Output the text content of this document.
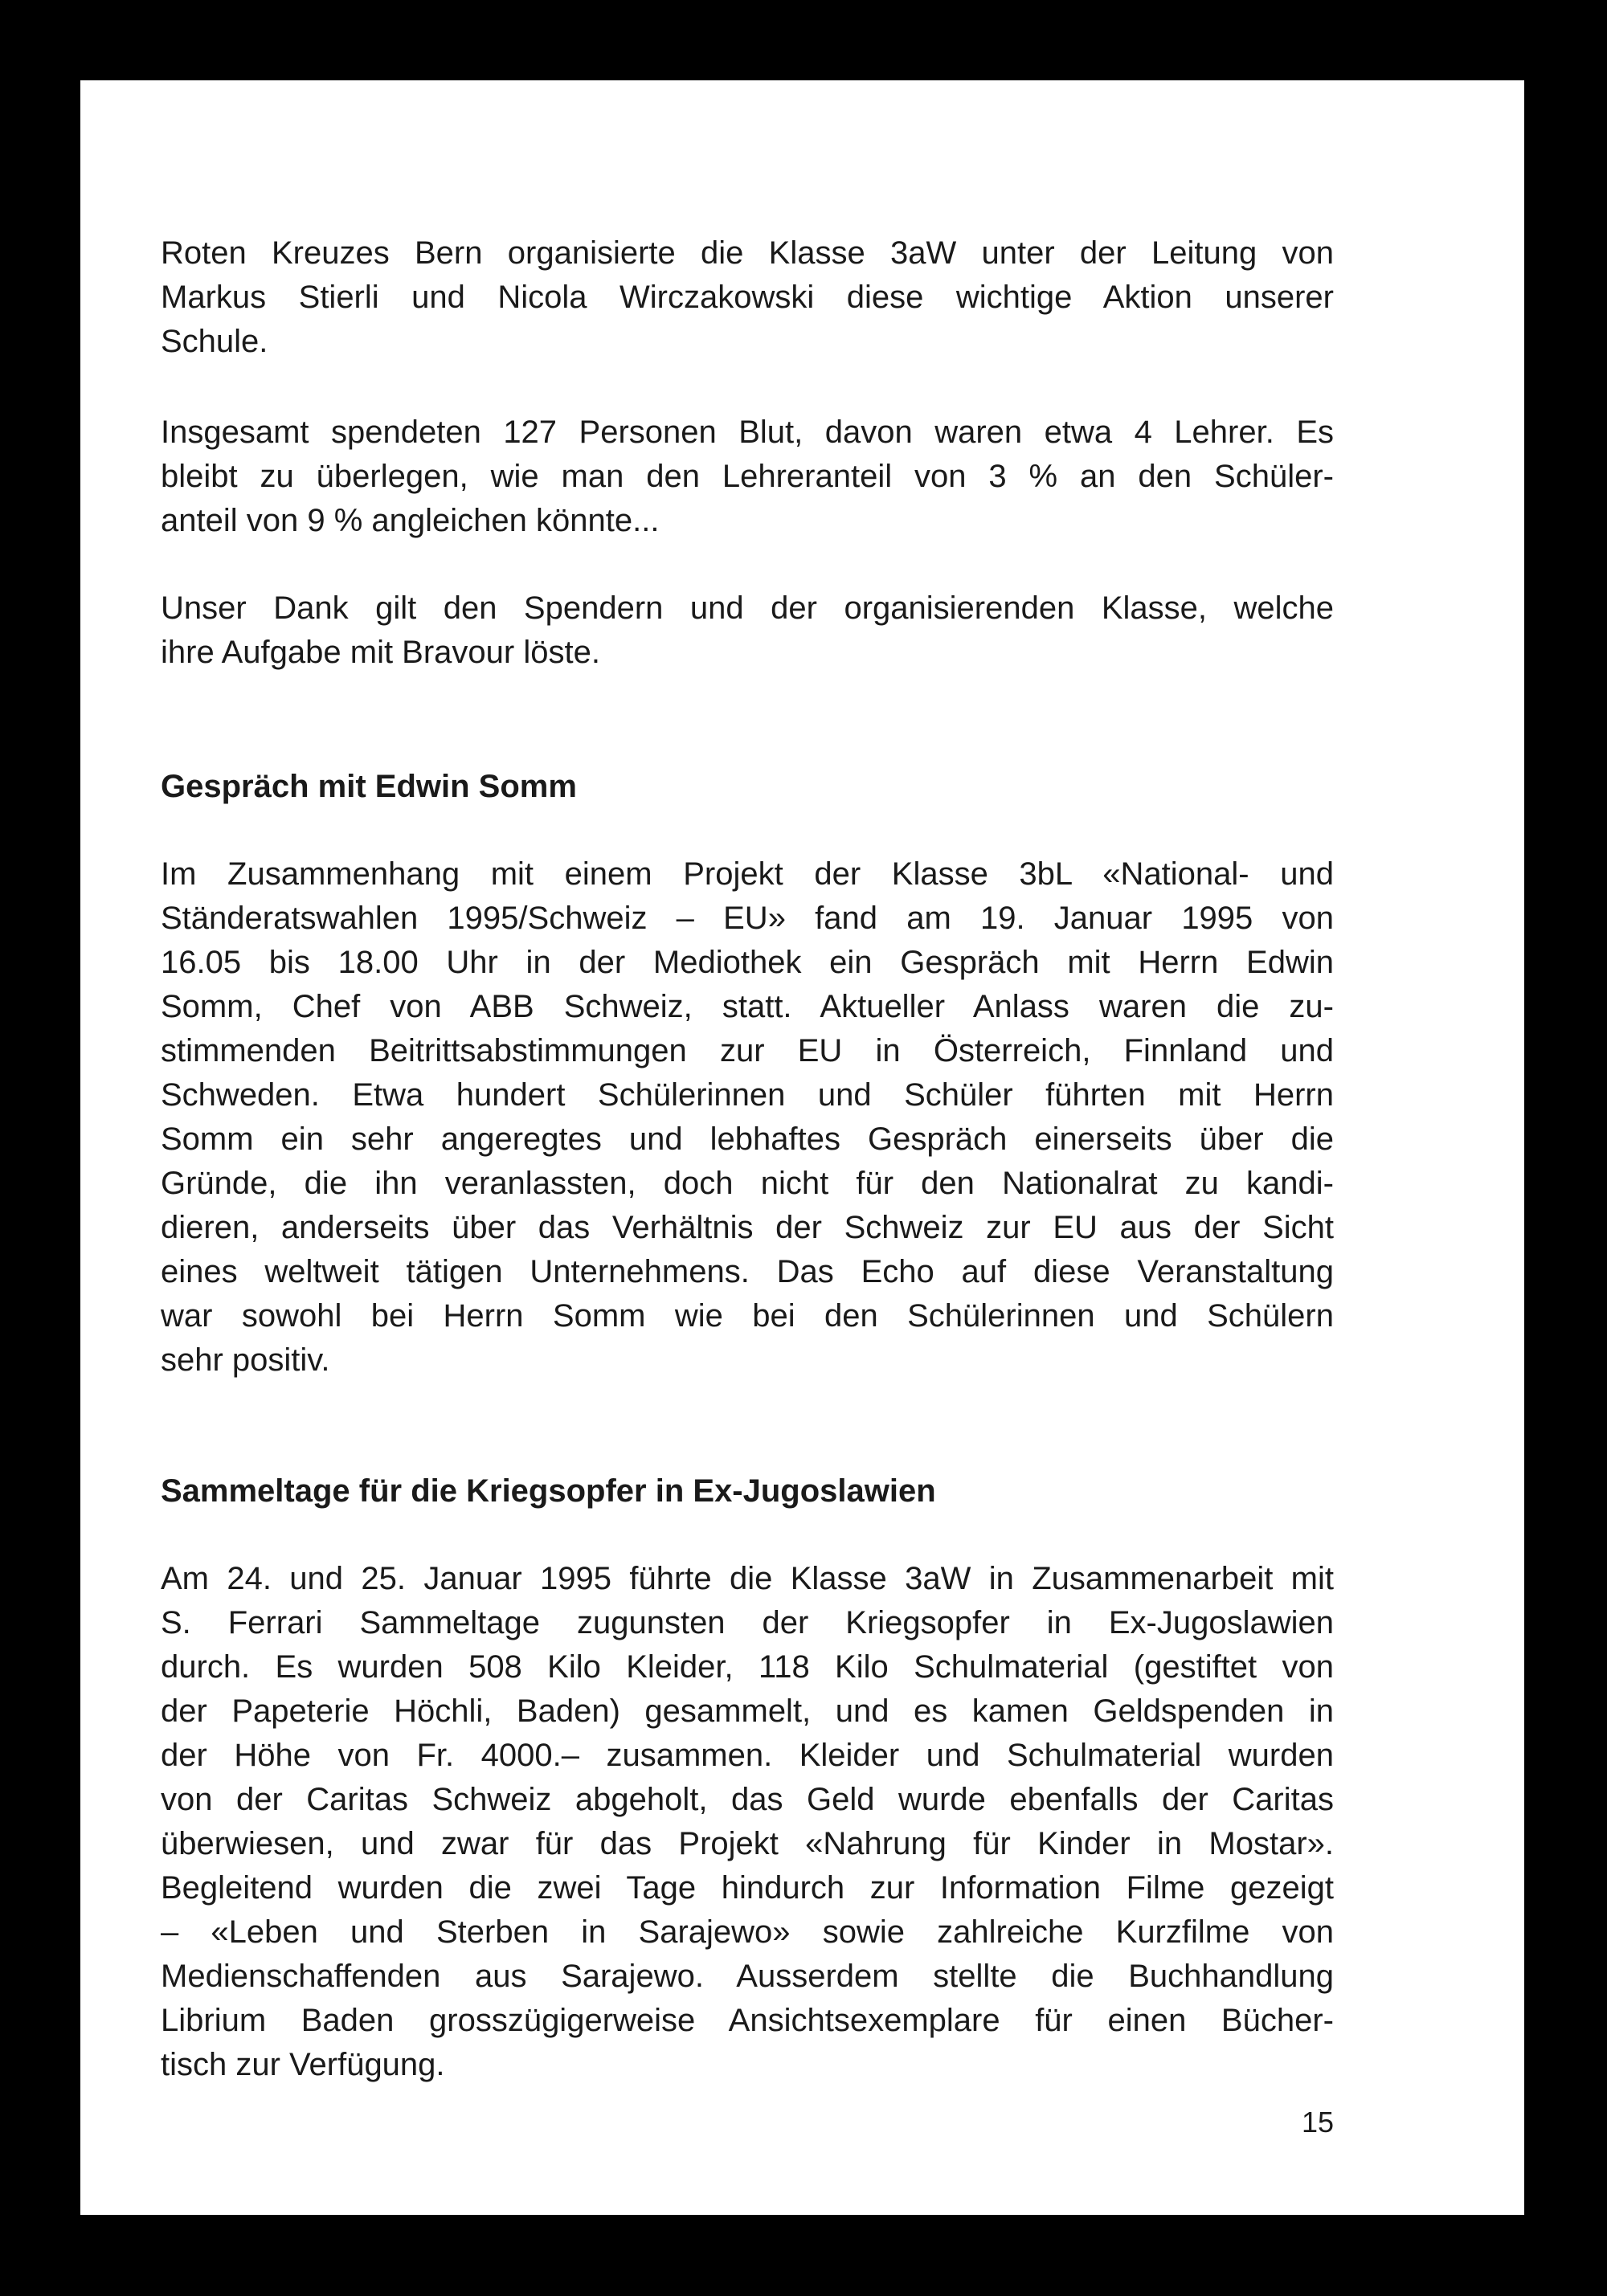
Roten Kreuzes Bern organisierte die Klasse 3aW unter der Leitung von
Markus Stierli und Nicola Wirczakowski diese wichtige Aktion unserer
Schule.
Insgesamt spendeten 127 Personen Blut, davon waren etwa 4 Lehrer. Es
bleibt zu überlegen, wie man den Lehreranteil von 3 % an den Schüler-
anteil von 9 % angleichen könnte...
Unser Dank gilt den Spendern und der organisierenden Klasse, welche
ihre Aufgabe mit Bravour löste.
Gespräch mit Edwin Somm
Im Zusammenhang mit einem Projekt der Klasse 3bL «National- und
Ständeratswahlen 1995/Schweiz – EU» fand am 19. Januar 1995 von
16.05 bis 18.00 Uhr in der Mediothek ein Gespräch mit Herrn Edwin
Somm, Chef von ABB Schweiz, statt. Aktueller Anlass waren die zu-
stimmenden Beitrittsabstimmungen zur EU in Österreich, Finnland und
Schweden. Etwa hundert Schülerinnen und Schüler führten mit Herrn
Somm ein sehr angeregtes und lebhaftes Gespräch einerseits über die
Gründe, die ihn veranlassten, doch nicht für den Nationalrat zu kandi-
dieren, anderseits über das Verhältnis der Schweiz zur EU aus der Sicht
eines weltweit tätigen Unternehmens. Das Echo auf diese Veranstaltung
war sowohl bei Herrn Somm wie bei den Schülerinnen und Schülern
sehr positiv.
Sammeltage für die Kriegsopfer in Ex-Jugoslawien
Am 24. und 25. Januar 1995 führte die Klasse 3aW in Zusammenarbeit mit
S. Ferrari Sammeltage zugunsten der Kriegsopfer in Ex-Jugoslawien
durch. Es wurden 508 Kilo Kleider, 118 Kilo Schulmaterial (gestiftet von
der Papeterie Höchli, Baden) gesammelt, und es kamen Geldspenden in
der Höhe von Fr. 4000.– zusammen. Kleider und Schulmaterial wurden
von der Caritas Schweiz abgeholt, das Geld wurde ebenfalls der Caritas
überwiesen, und zwar für das Projekt «Nahrung für Kinder in Mostar».
Begleitend wurden die zwei Tage hindurch zur Information Filme gezeigt
– «Leben und Sterben in Sarajewo» sowie zahlreiche Kurzfilme von
Medienschaffenden aus Sarajewo. Ausserdem stellte die Buchhandlung
Librium Baden grosszügigerweise Ansichtsexemplare für einen Bücher-
tisch zur Verfügung.
15
